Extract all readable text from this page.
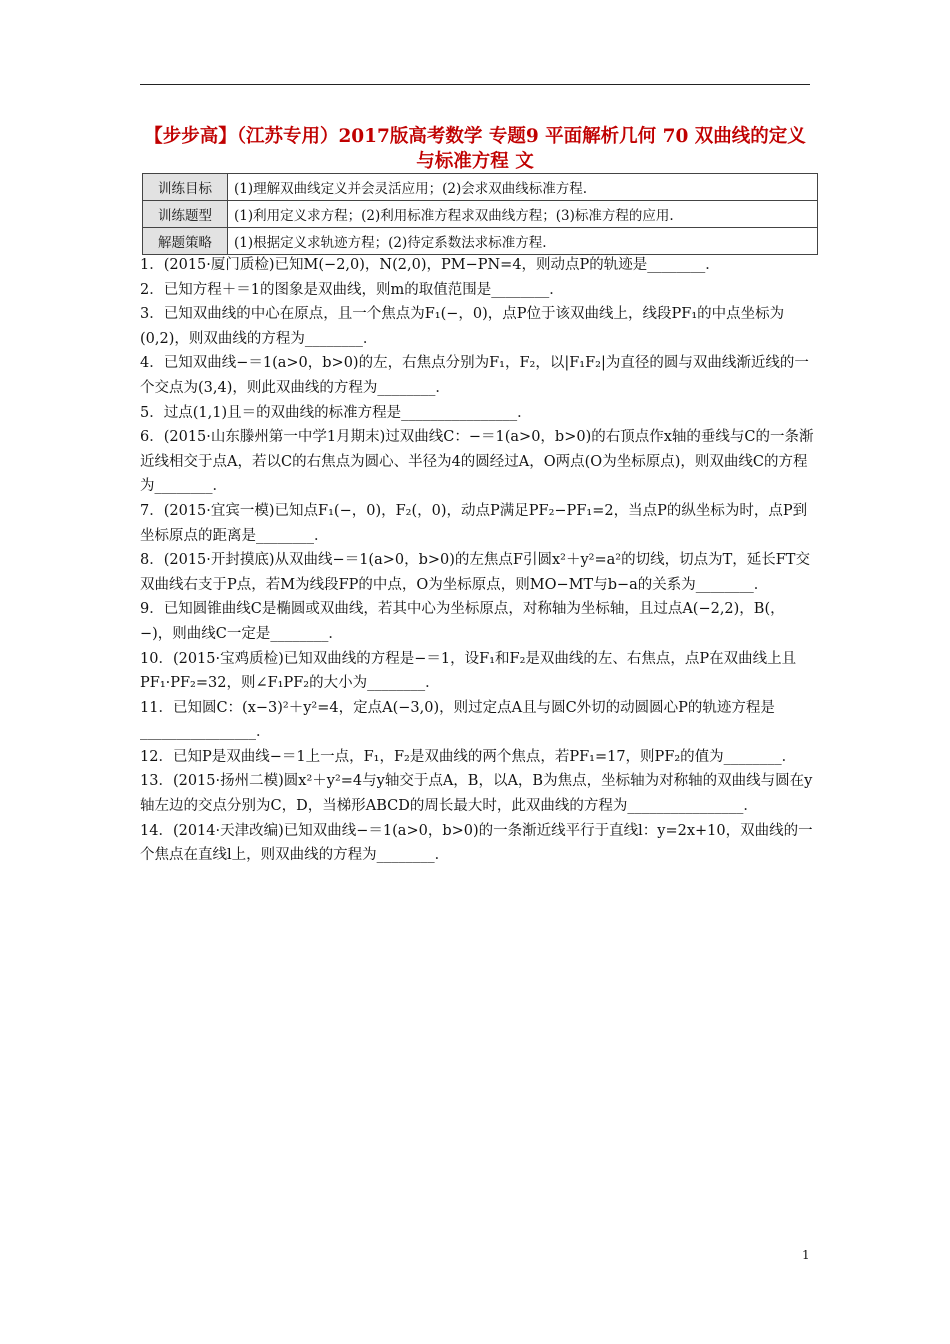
【步步高】（江苏专用）2017版高考数学 专题9 平面解析几何 70 双曲线的定义与标准方程 文
训练目标	(1)理解双曲线定义并会灵活应用；(2)会求双曲线标准方程.
训练题型	(1)利用定义求方程；(2)利用标准方程求双曲线方程；(3)标准方程的应用.
解题策略	(1)根据定义求轨迹方程；(2)待定系数法求标准方程.

1．(2015·厦门质检)已知M(−2,0)，N(2,0)，PM−PN=4，则动点P的轨迹是________．

2．已知方程＋＝1的图象是双曲线，则m的取值范围是________．

3．已知双曲线的中心在原点，且一个焦点为F₁(−，0)，点P位于该双曲线上，线段PF₁的中点坐标为(0,2)，则双曲线的方程为________．

4．已知双曲线−＝1(a>0，b>0)的左，右焦点分别为F₁，F₂，以|F₁F₂|为直径的圆与双曲线渐近线的一个交点为(3,4)，则此双曲线的方程为________．

5．过点(1,1)且＝的双曲线的标准方程是________________．

6．(2015·山东滕州第一中学1月期末)过双曲线C：−＝1(a>0，b>0)的右顶点作x轴的垂线与C的一条渐近线相交于点A，若以C的右焦点为圆心、半径为4的圆经过A，O两点(O为坐标原点)，则双曲线C的方程为________．

7．(2015·宜宾一模)已知点F₁(−，0)，F₂(，0)，动点P满足PF₂−PF₁=2，当点P的纵坐标为时，点P到坐标原点的距离是________．

8．(2015·开封摸底)从双曲线−＝1(a>0，b>0)的左焦点F引圆x²＋y²=a²的切线，切点为T，延长FT交双曲线右支于P点，若M为线段FP的中点，O为坐标原点，则MO−MT与b−a的关系为________．

9．已知圆锥曲线C是椭圆或双曲线，若其中心为坐标原点，对称轴为坐标轴，且过点A(−2,2)，B(，−)，则曲线C一定是________．

10．(2015·宝鸡质检)已知双曲线的方程是−＝1，设F₁和F₂是双曲线的左、右焦点，点P在双曲线上且PF₁·PF₂=32，则∠F₁PF₂的大小为________．

11．已知圆C：(x−3)²＋y²=4，定点A(−3,0)，则过定点A且与圆C外切的动圆圆心P的轨迹方程是________________．

12．已知P是双曲线−＝1上一点，F₁，F₂是双曲线的两个焦点，若PF₁=17，则PF₂的值为________．

13．(2015·扬州二模)圆x²＋y²=4与y轴交于点A，B，以A，B为焦点，坐标轴为对称轴的双曲线与圆在y轴左边的交点分别为C，D，当梯形ABCD的周长最大时，此双曲线的方程为________________．

14．(2014·天津改编)已知双曲线−＝1(a>0，b>0)的一条渐近线平行于直线l：y=2x+10，双曲线的一个焦点在直线l上，则双曲线的方程为________．

1
